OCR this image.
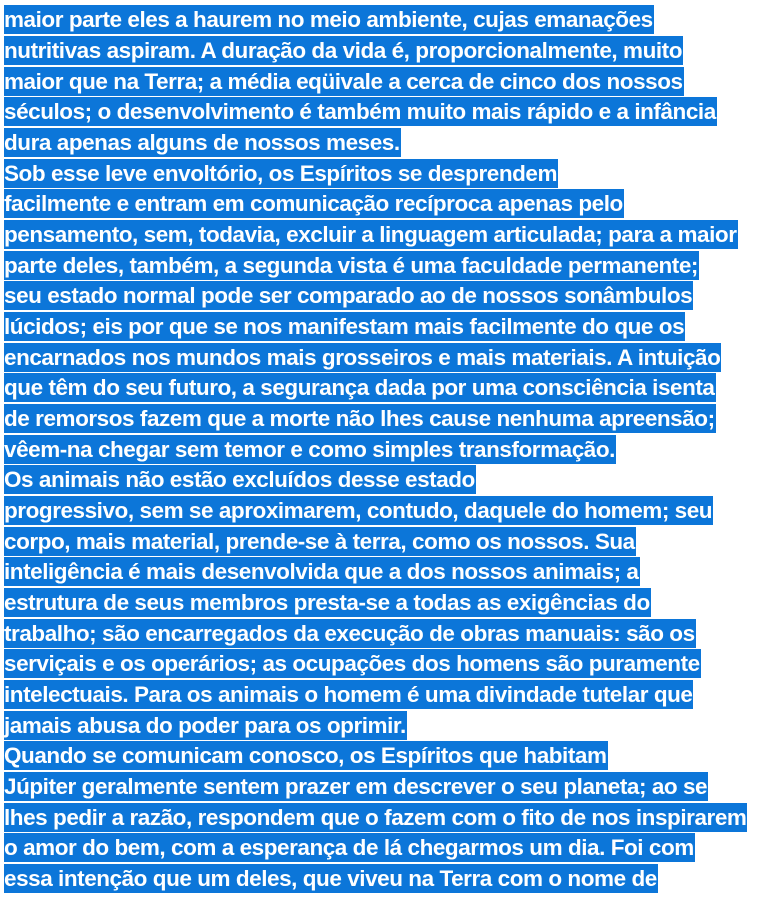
maior parte eles a haurem no meio ambiente, cujas emanações
nutritivas aspiram. A duração da vida é, proporcionalmente, muito
maior que na Terra; a média eqüivale a cerca de cinco dos nossos
séculos; o desenvolvimento é também muito mais rápido e a infância
dura apenas alguns de nossos meses.
Sob esse leve envoltório, os Espíritos se desprendem
facilmente e entram em comunicação recíproca apenas pelo
pensamento, sem, todavia, excluir a linguagem articulada; para a maior
parte deles, também, a segunda vista é uma faculdade permanente;
seu estado normal pode ser comparado ao de nossos sonâmbulos
lúcidos; eis por que se nos manifestam mais facilmente do que os
encarnados nos mundos mais grosseiros e mais materiais. A intuição
que têm do seu futuro, a segurança dada por uma consciência isenta
de remorsos fazem que a morte não lhes cause nenhuma apreensão;
vêem-na chegar sem temor e como simples transformação.
Os animais não estão excluídos desse estado
progressivo, sem se aproximarem, contudo, daquele do homem; seu
corpo, mais material, prende-se à terra, como os nossos. Sua
inteligência é mais desenvolvida que a dos nossos animais; a
estrutura de seus membros presta-se a todas as exigências do
trabalho; são encarregados da execução de obras manuais: são os
serviçais e os operários; as ocupações dos homens são puramente
intelectuais. Para os animais o homem é uma divindade tutelar que
jamais abusa do poder para os oprimir.
Quando se comunicam conosco, os Espíritos que habitam
Júpiter geralmente sentem prazer em descrever o seu planeta; ao se
lhes pedir a razão, respondem que o fazem com o fito de nos inspirarem
o amor do bem, com a esperança de lá chegarmos um dia. Foi com
essa intenção que um deles, que viveu na Terra com o nome de
